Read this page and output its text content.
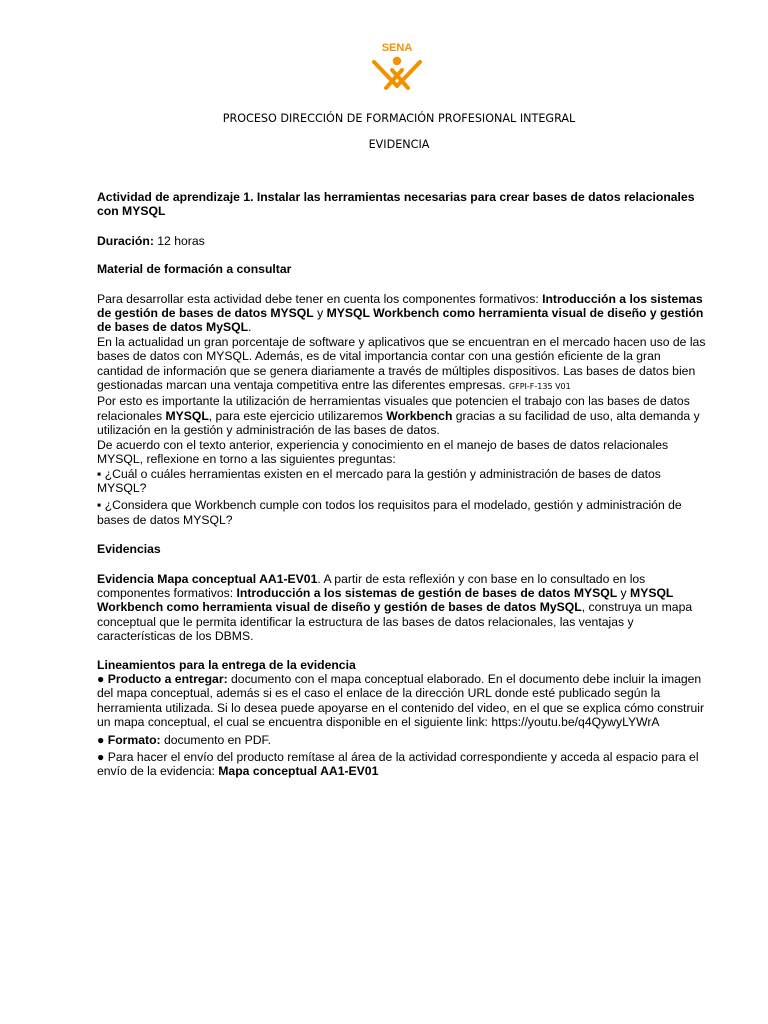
SENA
PROCESO DIRECCIÓN DE FORMACIÓN PROFESIONAL INTEGRAL
EVIDENCIA

Actividad de aprendizaje 1. Instalar las herramientas necesarias para crear bases de datos relacionales con MYSQL

Duración: 12 horas

Material de formación a consultar

Para desarrollar esta actividad debe tener en cuenta los componentes formativos: Introducción a los sistemas de gestión de bases de datos MYSQL y MYSQL Workbench como herramienta visual de diseño y gestión de bases de datos MySQL.

En la actualidad un gran porcentaje de software y aplicativos que se encuentran en el mercado hacen uso de las bases de datos con MYSQL. Además, es de vital importancia contar con una gestión eficiente de la gran cantidad de información que se genera diariamente a través de múltiples dispositivos. Las bases de datos bien gestionadas marcan una ventaja competitiva entre las diferentes empresas. GFPI-F-135 V01

Por esto es importante la utilización de herramientas visuales que potencien el trabajo con las bases de datos relacionales MYSQL, para este ejercicio utilizaremos Workbench gracias a su facilidad de uso, alta demanda y utilización en la gestión y administración de las bases de datos.

De acuerdo con el texto anterior, experiencia y conocimiento en el manejo de bases de datos relacionales MYSQL, reflexione en torno a las siguientes preguntas:

▪ ¿Cuál o cuáles herramientas existen en el mercado para la gestión y administración de bases de datos MYSQL?

▪ ¿Considera que Workbench cumple con todos los requisitos para el modelado, gestión y administración de bases de datos MYSQL?

Evidencias

Evidencia Mapa conceptual AA1-EV01. A partir de esta reflexión y con base en lo consultado en los componentes formativos: Introducción a los sistemas de gestión de bases de datos MYSQL y MYSQL Workbench como herramienta visual de diseño y gestión de bases de datos MySQL, construya un mapa conceptual que le permita identificar la estructura de las bases de datos relacionales, las ventajas y características de los DBMS.

Lineamientos para la entrega de la evidencia

● Producto a entregar: documento con el mapa conceptual elaborado. En el documento debe incluir la imagen del mapa conceptual, además si es el caso el enlace de la dirección URL donde esté publicado según la herramienta utilizada. Si lo desea puede apoyarse en el contenido del video, en el que se explica cómo construir un mapa conceptual, el cual se encuentra disponible en el siguiente link: https://youtu.be/q4QywyLYWrA

● Formato: documento en PDF.

● Para hacer el envío del producto remítase al área de la actividad correspondiente y acceda al espacio para el envío de la evidencia: Mapa conceptual AA1-EV01
